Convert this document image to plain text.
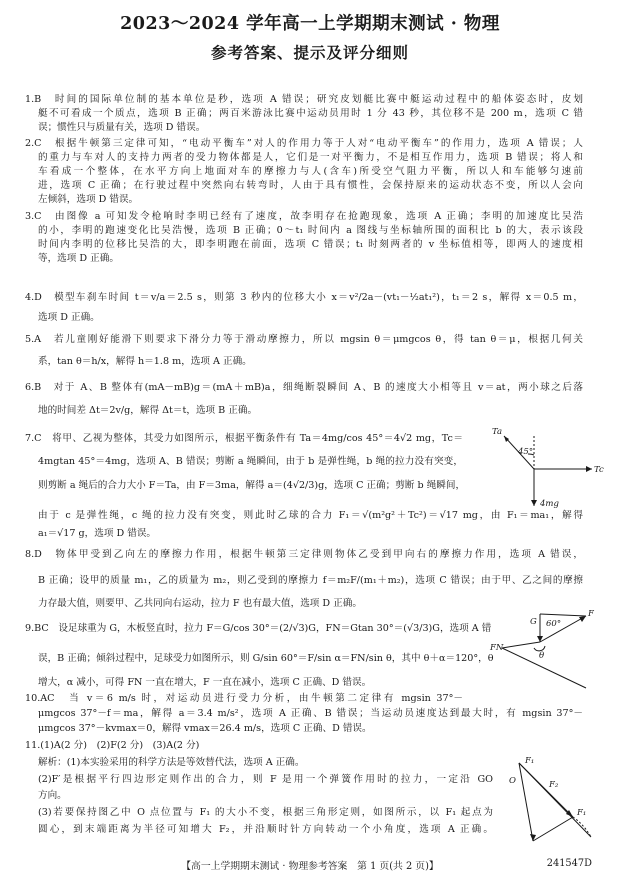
2023～2024 学年高一上学期期末测试 · 物理
参考答案、提示及评分细则
1.B　时间的国际单位制的基本单位是秒，选项 A 错误；研究皮划艇比赛中艇运动过程中的船体姿态时，皮划
艇不可看成一个质点，选项 B 正确；两百米游泳比赛中运动员用时 1 分 43 秒，其位移不是 200 m，选项 C 错
误；惯性只与质量有关，选项 D 错误。
2.C　根据牛顿第三定律可知，“电动平衡车”对人的作用力等于人对“电动平衡车”的作用力，选项 A 错误；人
的重力与车对人的支持力两者的受力物体都是人，它们是一对平衡力，不是相互作用力，选项 B 错误；将人和
车看成一个整体，在水平方向上地面对车的摩擦力与人(含车)所受空气阻力平衡，所以人和车能够匀速前
进，选项 C 正确；在行驶过程中突然向右转弯时，人由于具有惯性，会保持原来的运动状态不变，所以人会向
左倾斜，选项 D 错误。
3.C　由图像 a 可知发令枪响时李明已经有了速度，故李明存在抢跑现象，选项 A 正确；李明的加速度比吴浩
的小，李明的跑速变化比吴浩慢，选项 B 正确；0～t₁ 时间内 a 图线与坐标轴所围的面积比 b 的大，表示该段
时间内李明的位移比吴浩的大，即李明跑在前面，选项 C 错误；t₁ 时刻两者的 v 坐标值相等，即两人的速度相
等，选项 D 正确。
4.D　模型车刹车时间 t＝v/a＝2.5 s，则第 3 秒内的位移大小 x＝v²/2a－(vt₁－½at₁²)，t₁＝2 s，解得 x＝0.5 m，
选项 D 正确。
5.A　若儿童刚好能滑下则要求下滑分力等于滑动摩擦力，所以 mgsin θ＝μmgcos θ，得 tan θ＝μ，根据几何关
系，tan θ＝h/x，解得 h＝1.8 m，选项 A 正确。
6.B　对于 A、B 整体有(mA－mB)g＝(mA＋mB)a，细绳断裂瞬间 A、B 的速度大小相等且 v＝at，两小球之后落
地的时间差 Δt＝2v/g，解得 Δt＝t，选项 B 正确。
7.C　将甲、乙视为整体，其受力如图所示，根据平衡条件有 Ta＝4mg/cos 45°＝4√2 mg，Tc＝
4mgtan 45°＝4mg，选项 A、B 错误；剪断 a 绳瞬间，由于 b 是弹性绳，b 绳的拉力没有突变，
则剪断 a 绳后的合力大小 F＝Ta，由 F＝3ma，解得 a＝(4√2/3)g，选项 C 正确；剪断 b 绳瞬间，
由于 c 是弹性绳，c 绳的拉力没有突变，则此时乙球的合力 F₁＝√(m²g²＋Tc²)＝√17 mg，由 F₁＝ma₁，解得
a₁＝√17 g，选项 D 错误。
8.D　物体甲受到乙向左的摩擦力作用，根据牛顿第三定律则物体乙受到甲向右的摩擦力作用，选项 A 错误，
B 正确；设甲的质量 m₁，乙的质量为 m₂，则乙受到的摩擦力 f＝m₂F/(m₁＋m₂)，选项 C 错误；由于甲、乙之间的摩擦
力存最大值，则要甲、乙共同向右运动，拉力 F 也有最大值，选项 D 正确。
9.BC　设足球重为 G，木板竖直时，拉力 F＝G/cos 30°＝(2/√3)G，FN＝Gtan 30°＝(√3/3)G，选项 A 错
误，B 正确；倾斜过程中，足球受力如图所示，则 G/sin 60°＝F/sin α＝FN/sin θ，其中 θ＋α＝120°，θ
增大，α 减小，可得 FN 一直在增大，F 一直在减小，选项 C 正确、D 错误。
10.AC　当 v＝6 m/s 时，对运动员进行受力分析，由牛顿第二定律有 mgsin 37°－
μmgcos 37°－f＝ma，解得 a＝3.4 m/s²，选项 A 正确、B 错误；当运动员速度达到最大时，有 mgsin 37°－
μmgcos 37°－kvmax＝0，解得 vmax＝26.4 m/s，选项 C 正确、D 错误。
11.(1)A(2 分)　(2)F(2 分)　(3)A(2 分)
解析：(1)本实验采用的科学方法是等效替代法，选项 A 正确。
(2)F′是根据平行四边形定则作出的合力，则 F 是用一个弹簧作用时的拉力，一定沿 GO
方向。
(3)若要保持图乙中 O 点位置与 F₁ 的大小不变，根据三角形定则，如图所示，以 F₁ 起点为
圆心，到末端距离为半径可知增大 F₂，并沿顺时针方向转动一个小角度，选项 A 正确。
Ta
45°
Tc
4mg
G 60°
F
FN
θ
F₁
F₂
F₁
O
【高一上学期期末测试 · 物理参考答案　第 1 页(共 2 页)】	241547D
